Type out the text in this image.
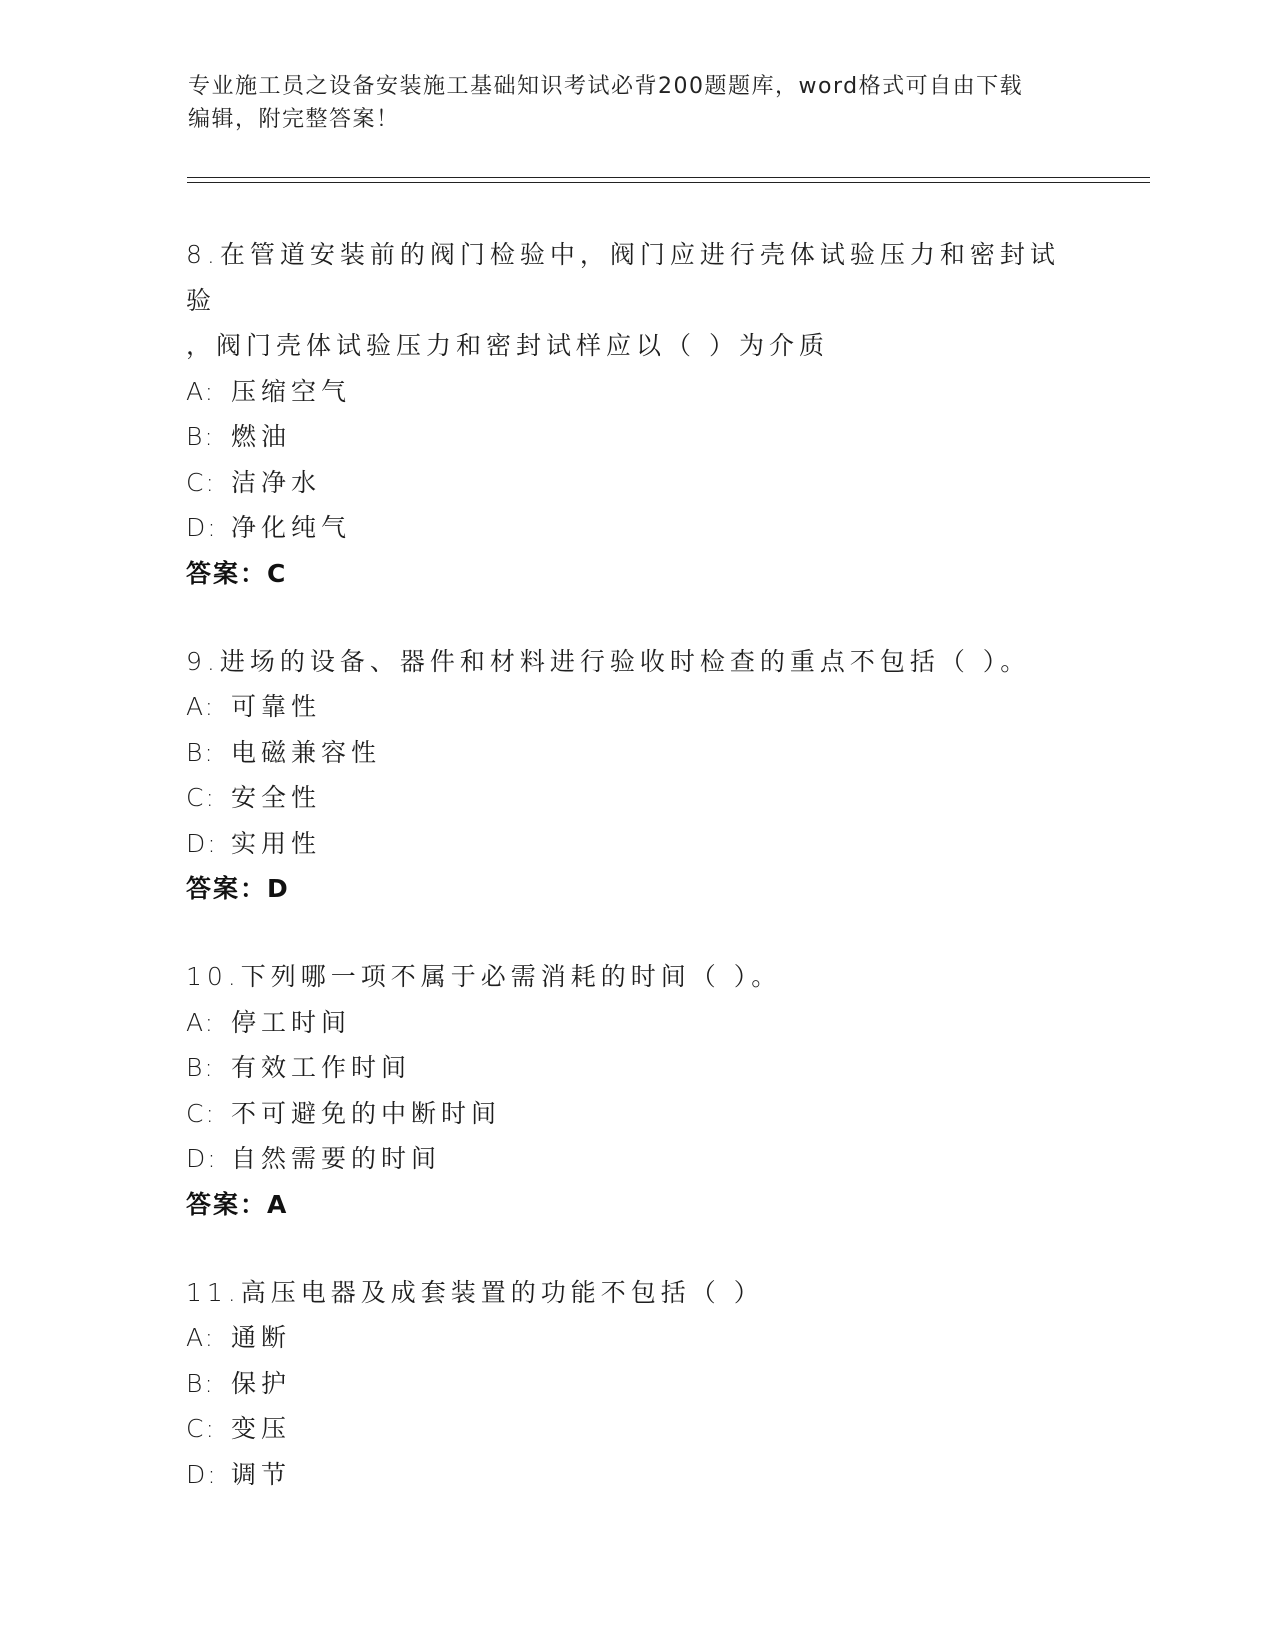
专业施工员之设备安装施工基础知识考试必背200题题库，word格式可自由下载
编辑，附完整答案！
8.在管道安装前的阀门检验中，阀门应进行壳体试验压力和密封试验
，阀门壳体试验压力和密封试样应以（ ）为介质
A: 压缩空气
B: 燃油
C: 洁净水
D: 净化纯气
答案：C
9.进场的设备、器件和材料进行验收时检查的重点不包括（ ）。
A: 可靠性
B: 电磁兼容性
C: 安全性
D: 实用性
答案：D
10.下列哪一项不属于必需消耗的时间（ ）。
A: 停工时间
B: 有效工作时间
C: 不可避免的中断时间
D: 自然需要的时间
答案：A
11.高压电器及成套装置的功能不包括（ ）
A: 通断
B: 保护
C: 变压
D: 调节
